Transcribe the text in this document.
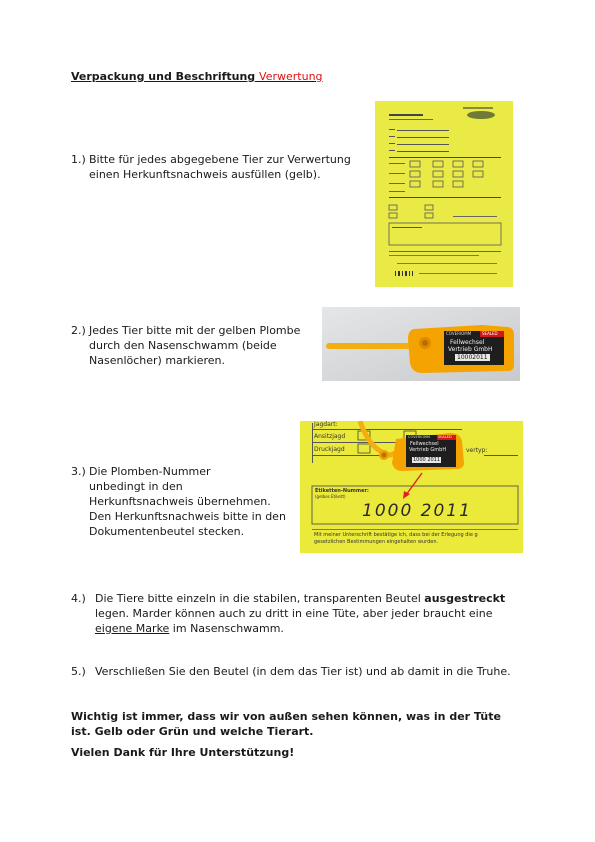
Verpackung und Beschriftung Verwertung
1.) Bitte für jedes abgegebene Tier zur Verwertung
einen Herkunftsnachweis ausfüllen (gelb).
2.) Jedes Tier bitte mit der gelben Plombe
durch den Nasenschwamm (beide
Nasenlöcher) markieren.
COVERIOMM	SEALED
Fellwechsel
Vertrieb GmbH
10002011
3.) Die Plomben-Nummer
unbedingt in den
Herkunftsnachweis übernehmen.
Den Herkunftsnachweis bitte in den
Dokumentenbeutel stecken.
Jagdart:
Ansitzjagd
Druckjagd	vertyp:
Etiketten-Nummer:
(gelbes Etikett)
1000 2011
Mit meiner Unterschrift bestätige ich, dass bei der Erlegung die g
gesetzlichen Bestimmungen eingehalten wurden.
COVERIOMM SEALED
Fellwechsel
Vertrieb GmbH
1000 2011
4.) Die Tiere bitte einzeln in die stabilen, transparenten Beutel ausgestreckt
legen. Marder können auch zu dritt in eine Tüte, aber jeder braucht eine
eigene Marke im Nasenschwamm.
5.) Verschließen Sie den Beutel (in dem das Tier ist) und ab damit in die Truhe.
Wichtig ist immer, dass wir von außen sehen können, was in der Tüte
ist. Gelb oder Grün und welche Tierart.
Vielen Dank für Ihre Unterstützung!
